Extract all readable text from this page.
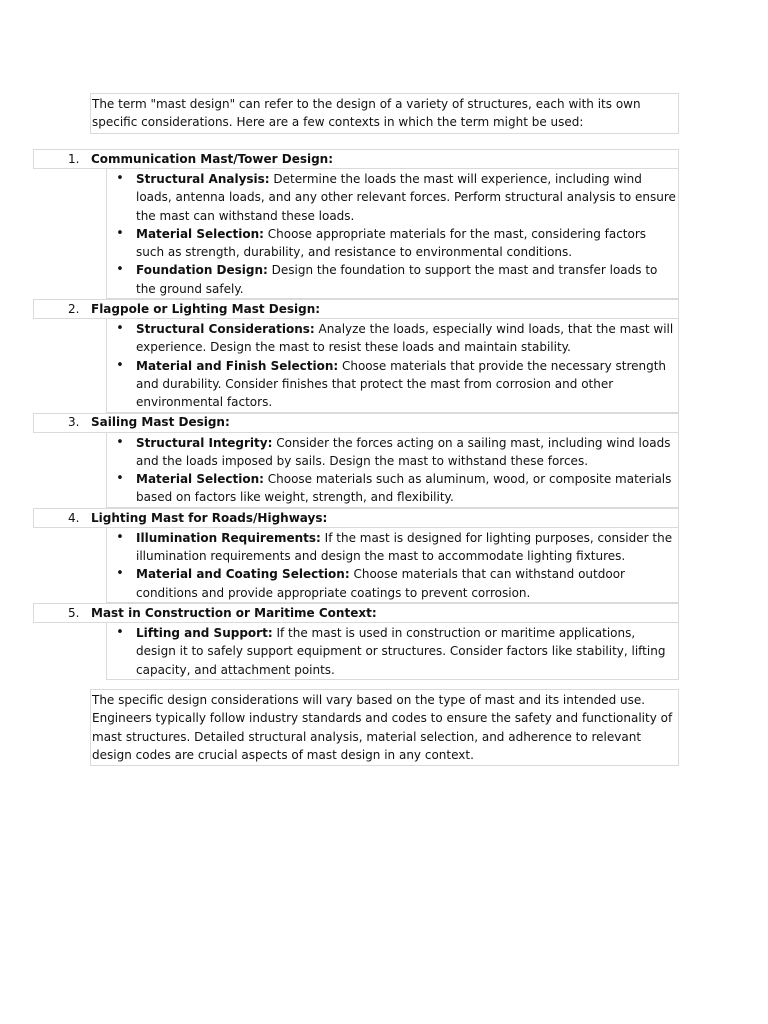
The term "mast design" can refer to the design of a variety of structures, each with its own specific considerations. Here are a few contexts in which the term might be used:
1. Communication Mast/Tower Design:
• Structural Analysis: Determine the loads the mast will experience, including wind loads, antenna loads, and any other relevant forces. Perform structural analysis to ensure the mast can withstand these loads.
• Material Selection: Choose appropriate materials for the mast, considering factors such as strength, durability, and resistance to environmental conditions.
• Foundation Design: Design the foundation to support the mast and transfer loads to the ground safely.
2. Flagpole or Lighting Mast Design:
• Structural Considerations: Analyze the loads, especially wind loads, that the mast will experience. Design the mast to resist these loads and maintain stability.
• Material and Finish Selection: Choose materials that provide the necessary strength and durability. Consider finishes that protect the mast from corrosion and other environmental factors.
3. Sailing Mast Design:
• Structural Integrity: Consider the forces acting on a sailing mast, including wind loads and the loads imposed by sails. Design the mast to withstand these forces.
• Material Selection: Choose materials such as aluminum, wood, or composite materials based on factors like weight, strength, and flexibility.
4. Lighting Mast for Roads/Highways:
• Illumination Requirements: If the mast is designed for lighting purposes, consider the illumination requirements and design the mast to accommodate lighting fixtures.
• Material and Coating Selection: Choose materials that can withstand outdoor conditions and provide appropriate coatings to prevent corrosion.
5. Mast in Construction or Maritime Context:
• Lifting and Support: If the mast is used in construction or maritime applications, design it to safely support equipment or structures. Consider factors like stability, lifting capacity, and attachment points.
The specific design considerations will vary based on the type of mast and its intended use. Engineers typically follow industry standards and codes to ensure the safety and functionality of mast structures. Detailed structural analysis, material selection, and adherence to relevant design codes are crucial aspects of mast design in any context.
